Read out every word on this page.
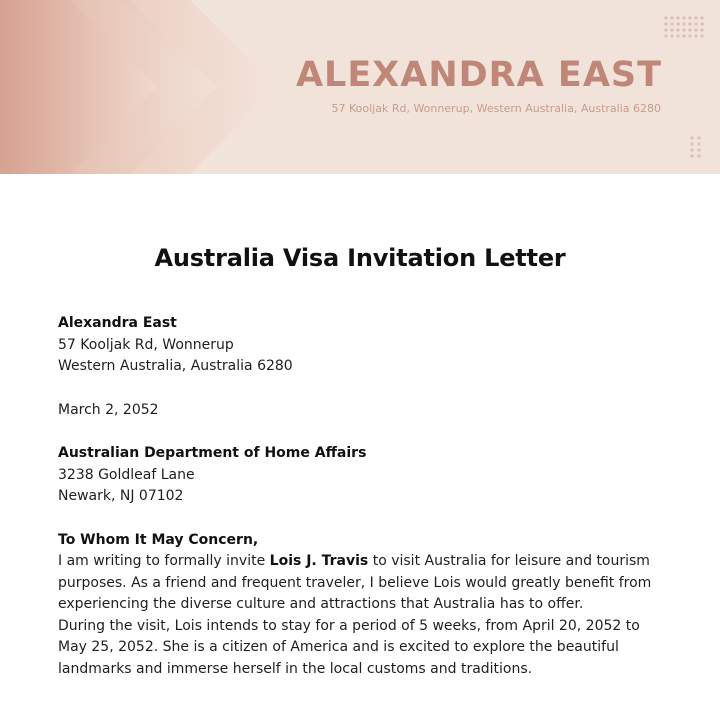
ALEXANDRA EAST
57 Kooljak Rd, Wonnerup, Western Australia, Australia 6280
Australia Visa Invitation Letter
Alexandra East
57 Kooljak Rd, Wonnerup
Western Australia, Australia 6280
March 2, 2052
Australian Department of Home Affairs
3238 Goldleaf Lane
Newark, NJ 07102
To Whom It May Concern,

I am writing to formally invite Lois J. Travis to visit Australia for leisure and tourism purposes. As a friend and frequent traveler, I believe Lois would greatly benefit from experiencing the diverse culture and attractions that Australia has to offer.

During the visit, Lois intends to stay for a period of 5 weeks, from April 20, 2052 to May 25, 2052. She is a citizen of America and is excited to explore the beautiful landmarks and immerse herself in the local customs and traditions.
